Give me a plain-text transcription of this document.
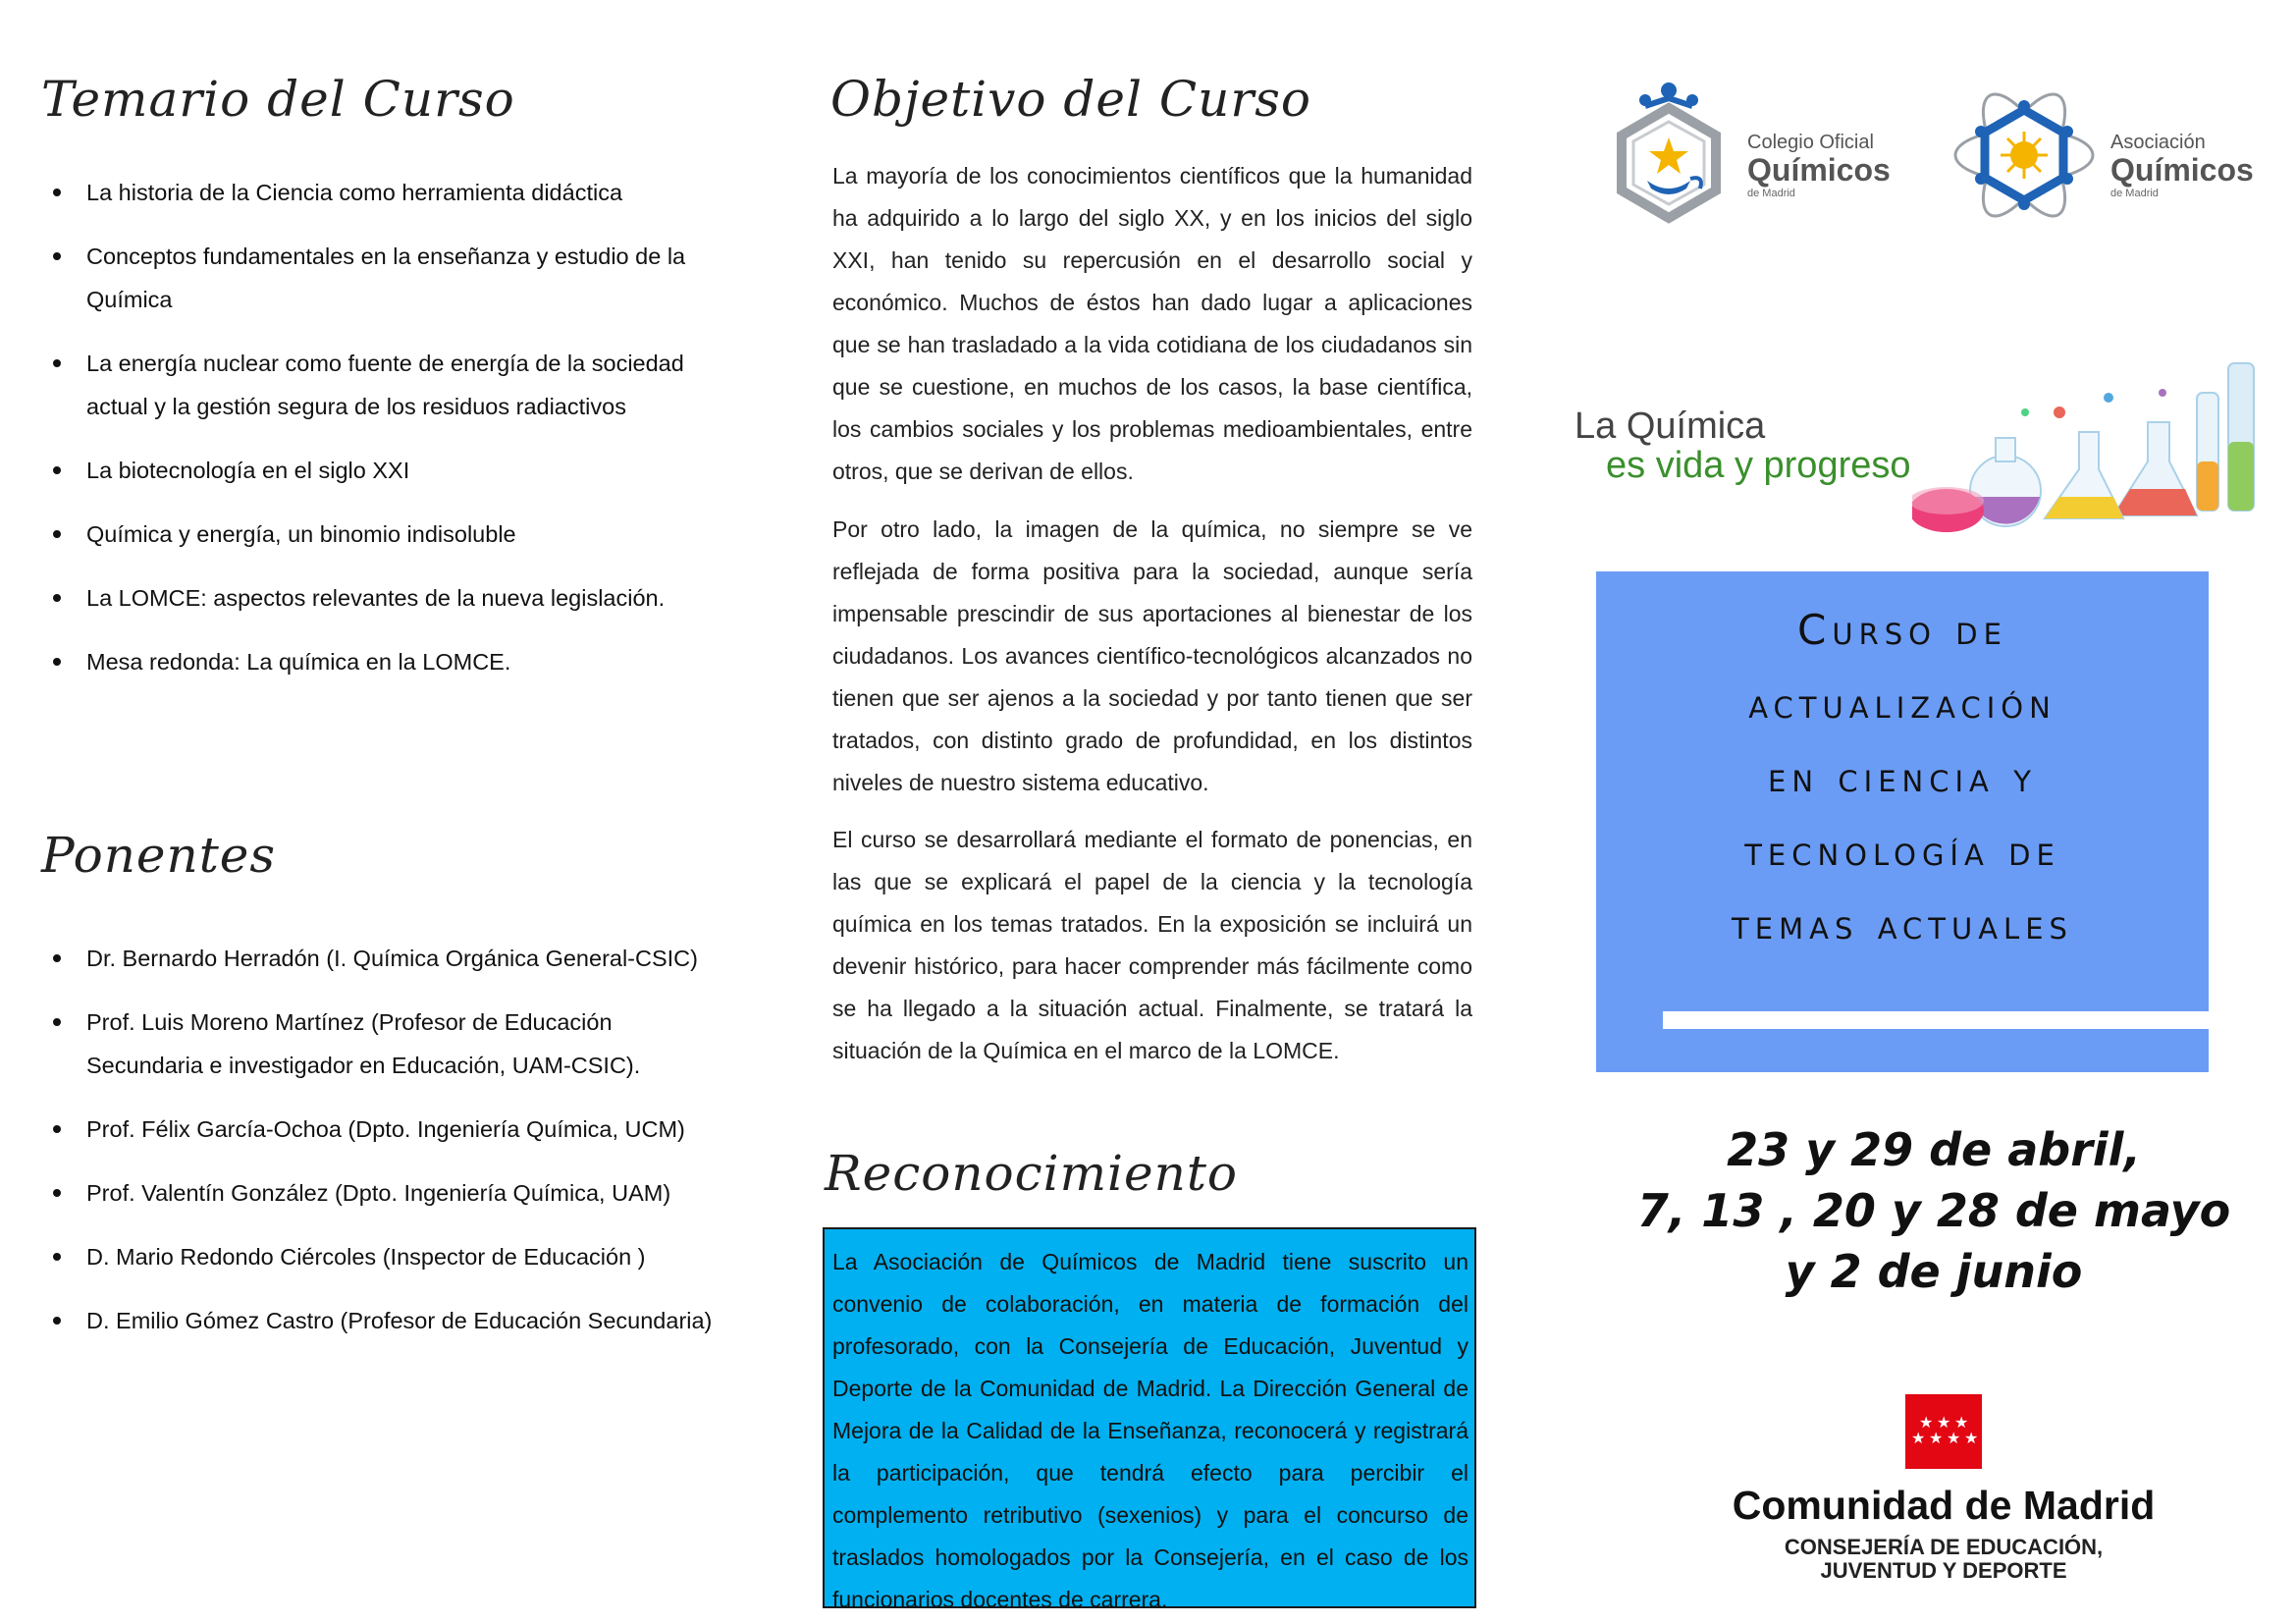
Temario del Curso
La historia de la Ciencia como herramienta didáctica
Conceptos fundamentales en la enseñanza y estudio de la Química
La energía nuclear como fuente de energía de la sociedad actual y la gestión segura de los residuos radiactivos
La biotecnología en el siglo XXI
Química y energía, un binomio indisoluble
La LOMCE: aspectos relevantes de la nueva legislación.
Mesa redonda: La química en la LOMCE.
Ponentes
Dr. Bernardo Herradón (I. Química Orgánica General-CSIC)
Prof. Luis Moreno Martínez (Profesor de Educación Secundaria e investigador en Educación, UAM-CSIC).
Prof. Félix García-Ochoa (Dpto. Ingeniería Química, UCM)
Prof. Valentín González (Dpto. Ingeniería Química, UAM)
D. Mario Redondo Ciércoles (Inspector de Educación )
D. Emilio Gómez Castro (Profesor de Educación Secundaria)
Objetivo del Curso

La mayoría de los conocimientos científicos que la humanidad ha adquirido a lo largo del siglo XX, y en los inicios del siglo XXI, han tenido su repercusión en el desarrollo social y económico. Muchos de éstos han dado lugar a aplicaciones que se han trasladado a la vida cotidiana de los ciudadanos sin que se cuestione, en muchos de los casos, la base científica, los cambios sociales y los problemas medioambientales, entre otros, que se derivan de ellos.

Por otro lado, la imagen de la química, no siempre se ve reflejada de forma positiva para la sociedad, aunque sería impensable prescindir de sus aportaciones al bienestar de los ciudadanos. Los avances científico-tecnológicos alcanzados no tienen que ser ajenos a la sociedad y por tanto tienen que ser tratados, con distinto grado de profundidad, en los distintos niveles de nuestro sistema educativo.

El curso se desarrollará mediante el formato de ponencias, en las que se explicará el papel de la ciencia y la tecnología química en los temas tratados. En la exposición se incluirá un devenir histórico, para hacer comprender más fácilmente como se ha llegado a la situación actual. Finalmente, se tratará la situación de la Química en el marco de la LOMCE.

Reconocimiento

La Asociación de Químicos de Madrid tiene suscrito un convenio de colaboración, en materia de formación del profesorado, con la Consejería de Educación, Juventud y Deporte de la Comunidad de Madrid. La Dirección General de Mejora de la Calidad de la Enseñanza, reconocerá y registrará la participación, que tendrá efecto para percibir el complemento retributivo (sexenios) y para el concurso de traslados homologados por la Consejería, en el caso de los funcionarios docentes de carrera.

Colegio Oficial
Químicos
de Madrid
Asociación
Químicos
de Madrid
La Química
es vida y progreso
Curso de
actualización
en ciencia y
tecnología de
temas actuales
23 y 29 de abril,
7, 13 , 20 y 28 de mayo
y 2 de junio
★ ★ ★
★ ★ ★ ★
Comunidad de Madrid
CONSEJERÍA DE EDUCACIÓN,
JUVENTUD Y DEPORTE
